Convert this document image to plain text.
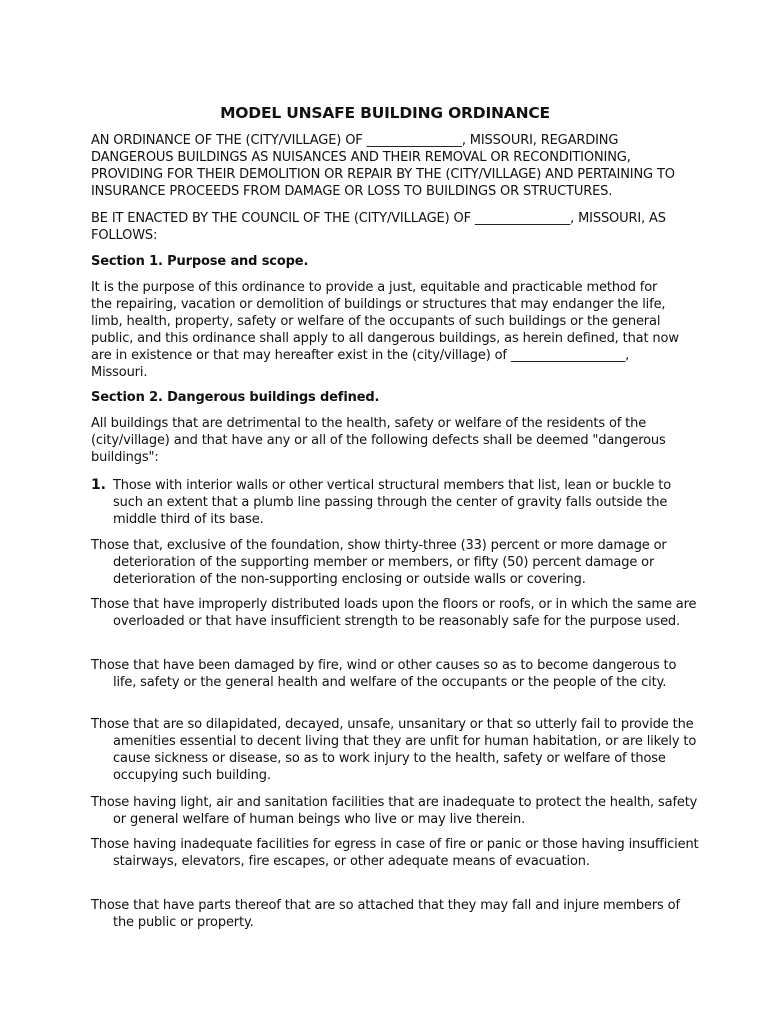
MODEL UNSAFE BUILDING ORDINANCE
AN ORDINANCE OF THE (CITY/VILLAGE) OF _______________, MISSOURI, REGARDING DANGEROUS BUILDINGS AS NUISANCES AND THEIR REMOVAL OR RECONDITIONING, PROVIDING FOR THEIR DEMOLITION OR REPAIR BY THE (CITY/VILLAGE) AND PERTAINING TO INSURANCE PROCEEDS FROM DAMAGE OR LOSS TO BUILDINGS OR STRUCTURES.
BE IT ENACTED BY THE COUNCIL OF THE (CITY/VILLAGE) OF _______________, MISSOURI, AS FOLLOWS:
Section 1. Purpose and scope.
It is the purpose of this ordinance to provide a just, equitable and practicable method for the repairing, vacation or demolition of buildings or structures that may endanger the life, limb, health, property, safety or welfare of the occupants of such buildings or the general public, and this ordinance shall apply to all dangerous buildings, as herein defined, that now are in existence or that may hereafter exist in the (city/village) of __________________, Missouri.
Section 2. Dangerous buildings defined.
All buildings that are detrimental to the health, safety or welfare of the residents of the (city/village) and that have any or all of the following defects shall be deemed "dangerous buildings":
1. Those with interior walls or other vertical structural members that list, lean or buckle to such an extent that a plumb line passing through the center of gravity falls outside the middle third of its base.
Those that, exclusive of the foundation, show thirty-three (33) percent or more damage or deterioration of the supporting member or members, or fifty (50) percent damage or deterioration of the non-supporting enclosing or outside walls or covering.
Those that have improperly distributed loads upon the floors or roofs, or in which the same are overloaded or that have insufficient strength to be reasonably safe for the purpose used.
Those that have been damaged by fire, wind or other causes so as to become dangerous to life, safety or the general health and welfare of the occupants or the people of the city.
Those that are so dilapidated, decayed, unsafe, unsanitary or that so utterly fail to provide the amenities essential to decent living that they are unfit for human habitation, or are likely to cause sickness or disease, so as to work injury to the health, safety or welfare of those occupying such building.
Those having light, air and sanitation facilities that are inadequate to protect the health, safety or general welfare of human beings who live or may live therein.
Those having inadequate facilities for egress in case of fire or panic or those having insufficient stairways, elevators, fire escapes, or other adequate means of evacuation.
Those that have parts thereof that are so attached that they may fall and injure members of the public or property.
